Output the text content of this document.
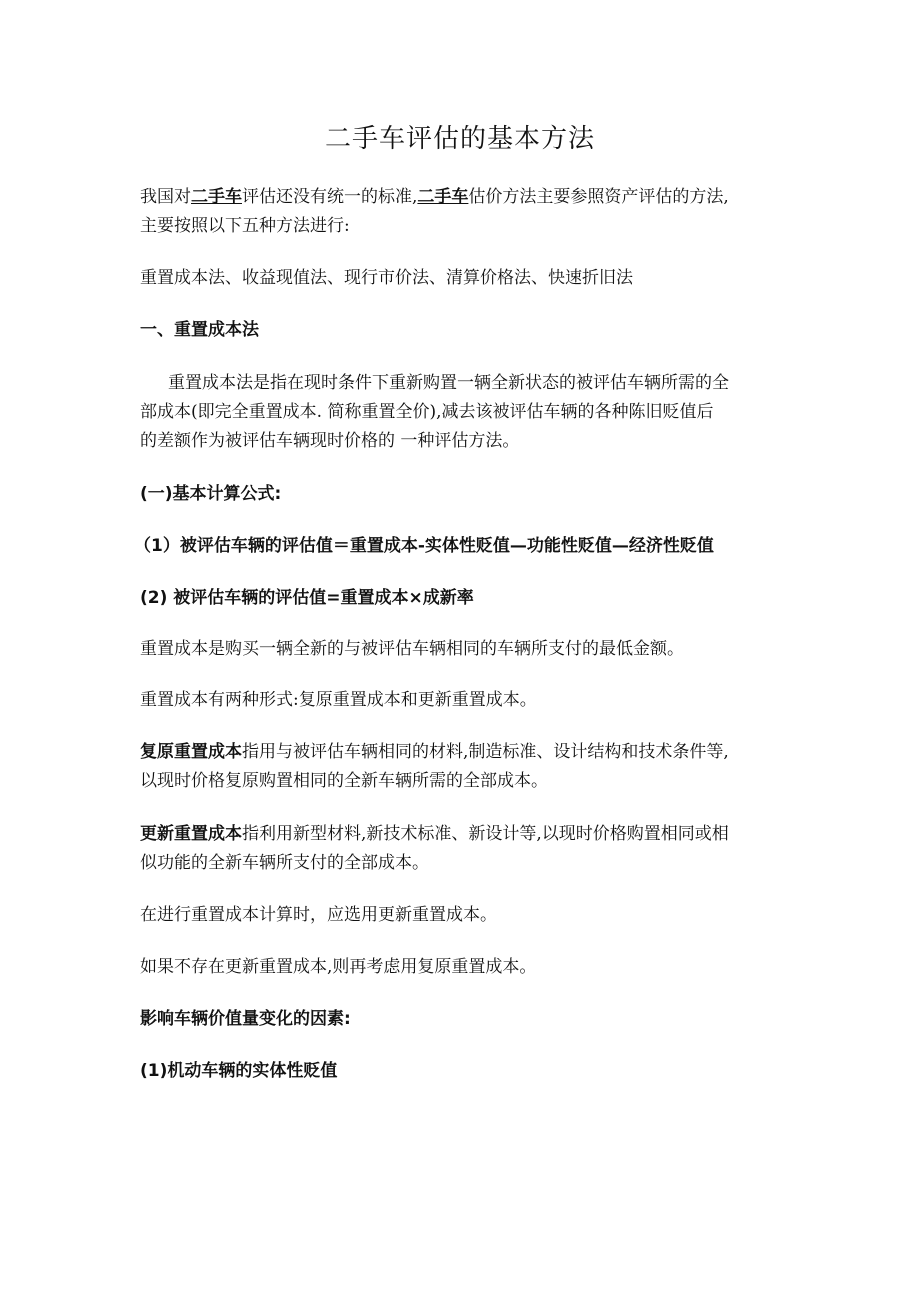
二手车评估的基本方法

我国对二手车评估还没有统一的标准,二手车估价方法主要参照资产评估的方法,
主要按照以下五种方法进行:

重置成本法、收益现值法、现行市价法、清算价格法、快速折旧法

一、重置成本法

重置成本法是指在现时条件下重新购置一辆全新状态的被评估车辆所需的全
部成本(即完全重置成本. 简称重置全价),减去该被评估车辆的各种陈旧贬值后
的差额作为被评估车辆现时价格的 一种评估方法。

(一)基本计算公式:

（1）被评估车辆的评估值＝重置成本-实体性贬值—功能性贬值—经济性贬值

(2) 被评估车辆的评估值=重置成本×成新率

重置成本是购买一辆全新的与被评估车辆相同的车辆所支付的最低金额。

重置成本有两种形式:复原重置成本和更新重置成本。

复原重置成本指用与被评估车辆相同的材料,制造标准、设计结构和技术条件等,
以现时价格复原购置相同的全新车辆所需的全部成本。

更新重置成本指利用新型材料,新技术标准、新设计等,以现时价格购置相同或相
似功能的全新车辆所支付的全部成本。

在进行重置成本计算时，应选用更新重置成本。

如果不存在更新重置成本,则再考虑用复原重置成本。

影响车辆价值量变化的因素:

(1)机动车辆的实体性贬值
